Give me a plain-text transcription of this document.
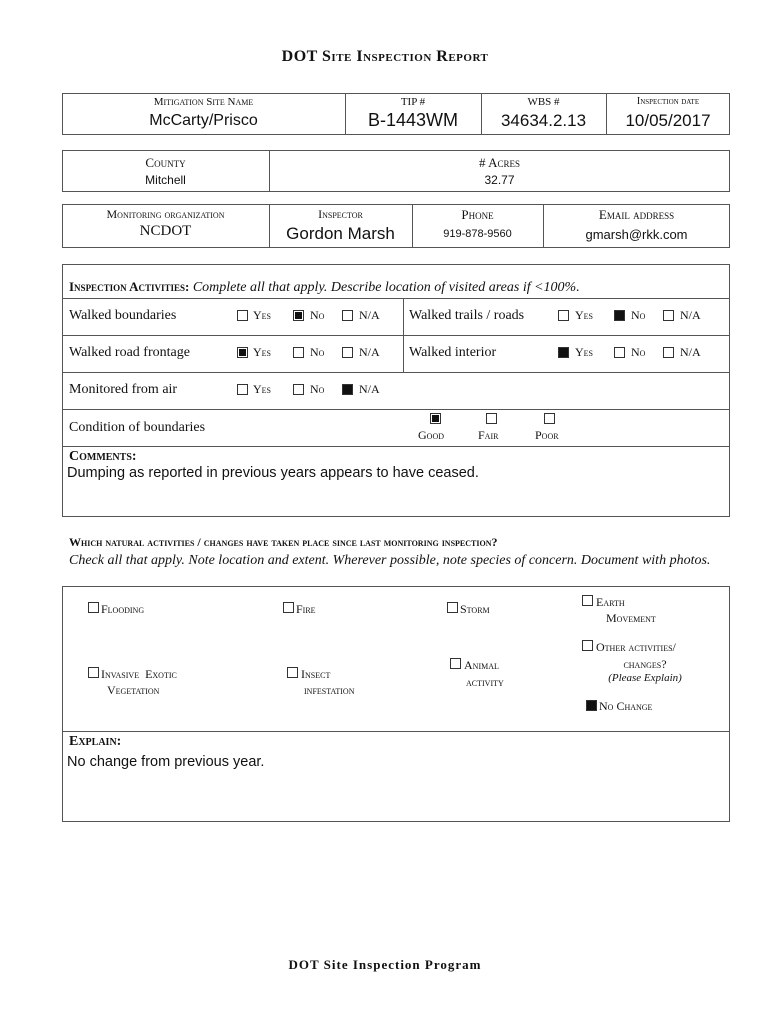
DOT Site Inspection Report
Mitigation Site Name
McCarty/Prisco
TIP #
B-1443WM
WBS #
34634.2.13
Inspection date
10/05/2017
County
Mitchell
# Acres
32.77
Monitoring organization
NCDOT
Inspector
Gordon Marsh
Phone
919-878-9560
Email address
gmarsh@rkk.com
Inspection Activities: Complete all that apply. Describe location of visited areas if <100%.
Walked boundaries	Yes	No	N/A Walked trails / roads	Yes	No	N/A
Walked road frontage	Yes	No	N/A Walked interior	Yes	No	N/A
Monitored from air	Yes	No	N/A
Condition of boundaries	Good	Fair	Poor
Comments:
Dumping as reported in previous years appears to have ceased.
Which natural activities / changes have taken place since last monitoring inspection?
Check all that apply. Note location and extent. Wherever possible, note species of concern. Document with photos.
Flooding	Fire	Storm	Earth
Movement
Other activities/
changes?
(Please Explain)
Invasive  Exotic
Vegetation
Insect
infestation
Animal
activity
No Change
Explain:
No change from previous year.
DOT Site Inspection Program
